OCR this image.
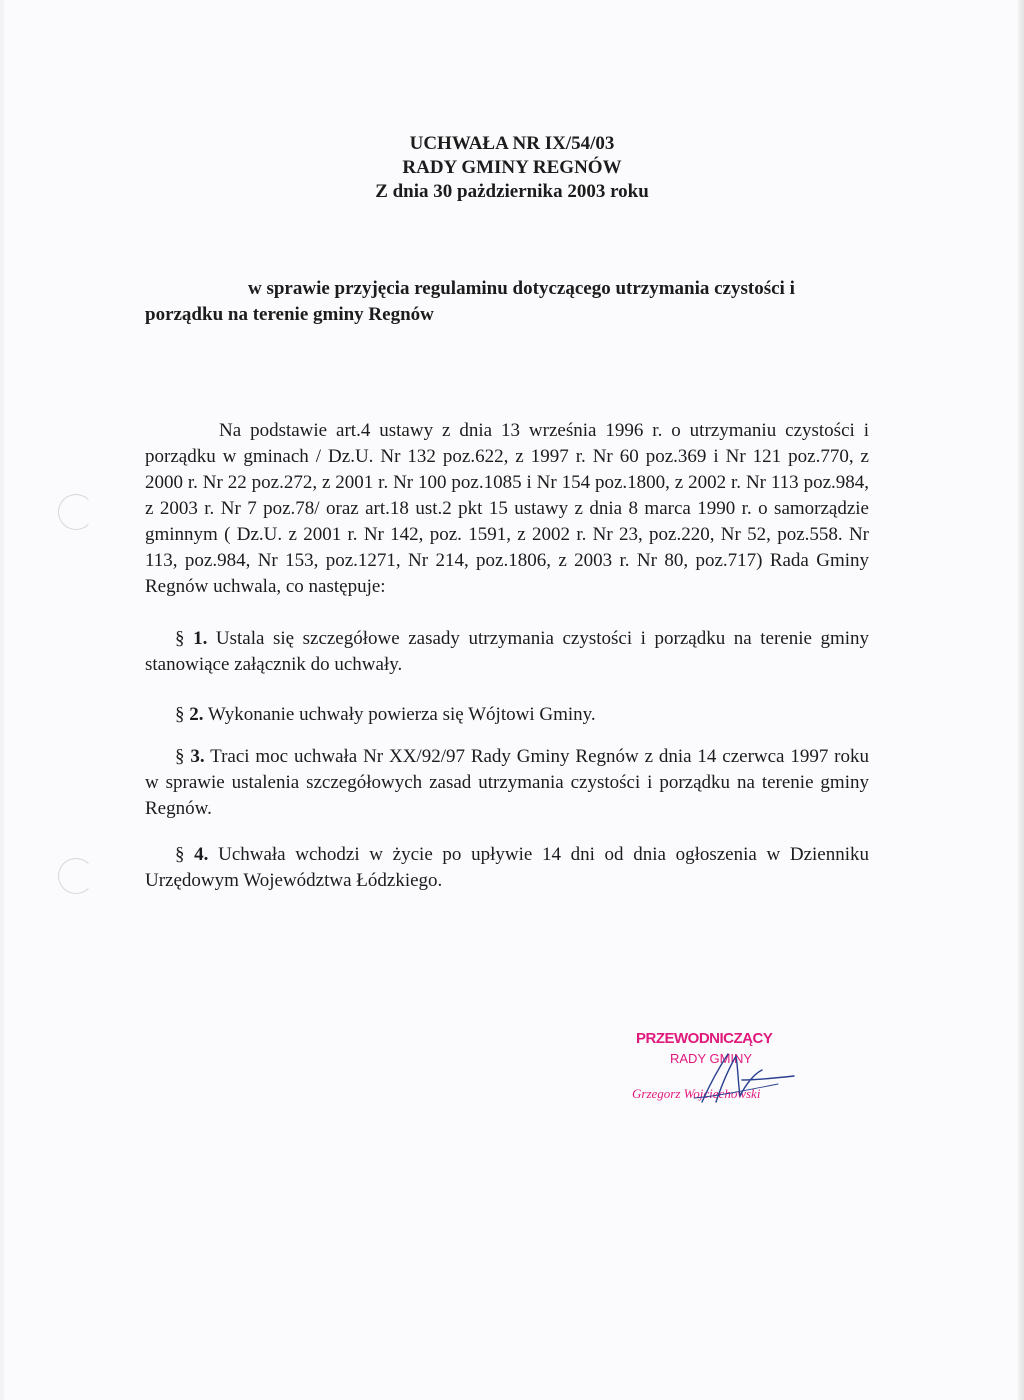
UCHWAŁA NR IX/54/03
RADY GMINY REGNÓW
Z dnia 30 pażdziernika 2003 roku
w sprawie przyjęcia regulaminu dotyczącego utrzymania czystości i
porządku na terenie gminy Regnów
Na podstawie art.4 ustawy z dnia 13 września 1996 r. o utrzymaniu czystości i porządku w gminach / Dz.U. Nr 132 poz.622, z 1997 r. Nr 60 poz.369 i Nr 121 poz.770, z 2000 r. Nr 22 poz.272, z 2001 r. Nr 100 poz.1085 i Nr 154 poz.1800, z 2002 r. Nr 113 poz.984, z 2003 r. Nr 7 poz.78/ oraz art.18 ust.2 pkt 15 ustawy z dnia 8 marca 1990 r. o samorządzie gminnym ( Dz.U. z 2001 r. Nr 142, poz. 1591, z 2002 r. Nr 23, poz.220, Nr 52, poz.558. Nr 113, poz.984, Nr 153, poz.1271, Nr 214, poz.1806, z 2003 r. Nr 80, poz.717) Rada Gminy Regnów uchwala, co następuje:
§ 1. Ustala się szczegółowe zasady utrzymania czystości i porządku na terenie gminy stanowiące załącznik do uchwały.
§ 2. Wykonanie uchwały powierza się Wójtowi Gminy.
§ 3. Traci moc uchwała Nr XX/92/97 Rady Gminy Regnów z dnia 14 czerwca 1997 roku w sprawie ustalenia szczegółowych zasad utrzymania czystości i porządku na terenie gminy Regnów.
§ 4. Uchwała wchodzi w życie po upływie 14 dni od dnia ogłoszenia w Dzienniku Urzędowym Województwa Łódzkiego.
PRZEWODNICZĄCY
RADY GMINY
Grzegorz Wojciechowski
